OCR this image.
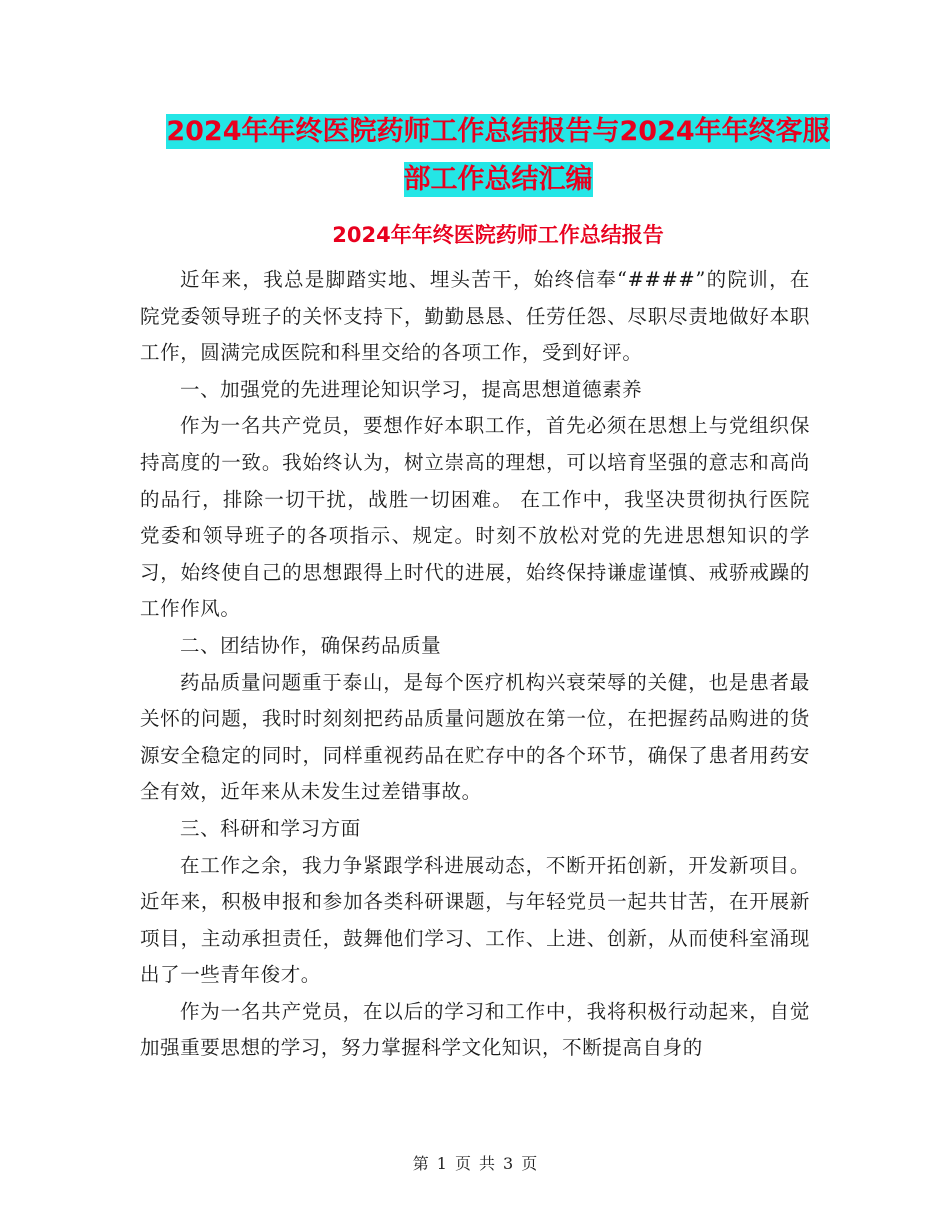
2024年年终医院药师工作总结报告与2024年年终客服
部工作总结汇编
2024年年终医院药师工作总结报告

近年来，我总是脚踏实地、埋头苦干，始终信奉“####”的院训，在院党委领导班子的关怀支持下，勤勤恳恳、任劳任怨、尽职尽责地做好本职工作，圆满完成医院和科里交给的各项工作，受到好评。

一、加强党的先进理论知识学习，提高思想道德素养

作为一名共产党员，要想作好本职工作，首先必须在思想上与党组织保持高度的一致。我始终认为，树立崇高的理想，可以培育坚强的意志和高尚的品行，排除一切干扰，战胜一切困难。 在工作中，我坚决贯彻执行医院党委和领导班子的各项指示、规定。时刻不放松对党的先进思想知识的学习，始终使自己的思想跟得上时代的进展，始终保持谦虚谨慎、戒骄戒躁的工作作风。

二、团结协作，确保药品质量

药品质量问题重于泰山，是每个医疗机构兴衰荣辱的关健，也是患者最关怀的问题，我时时刻刻把药品质量问题放在第一位，在把握药品购进的货源安全稳定的同时，同样重视药品在贮存中的各个环节，确保了患者用药安全有效，近年来从未发生过差错事故。

三、科研和学习方面

在工作之余，我力争紧跟学科进展动态，不断开拓创新，开发新项目。近年来，积极申报和参加各类科研课题，与年轻党员一起共甘苦，在开展新项目，主动承担责任，鼓舞他们学习、工作、上进、创新，从而使科室涌现出了一些青年俊才。

作为一名共产党员，在以后的学习和工作中，我将积极行动起来，自觉加强重要思想的学习，努力掌握科学文化知识，不断提高自身的

第 1 页 共 3 页
